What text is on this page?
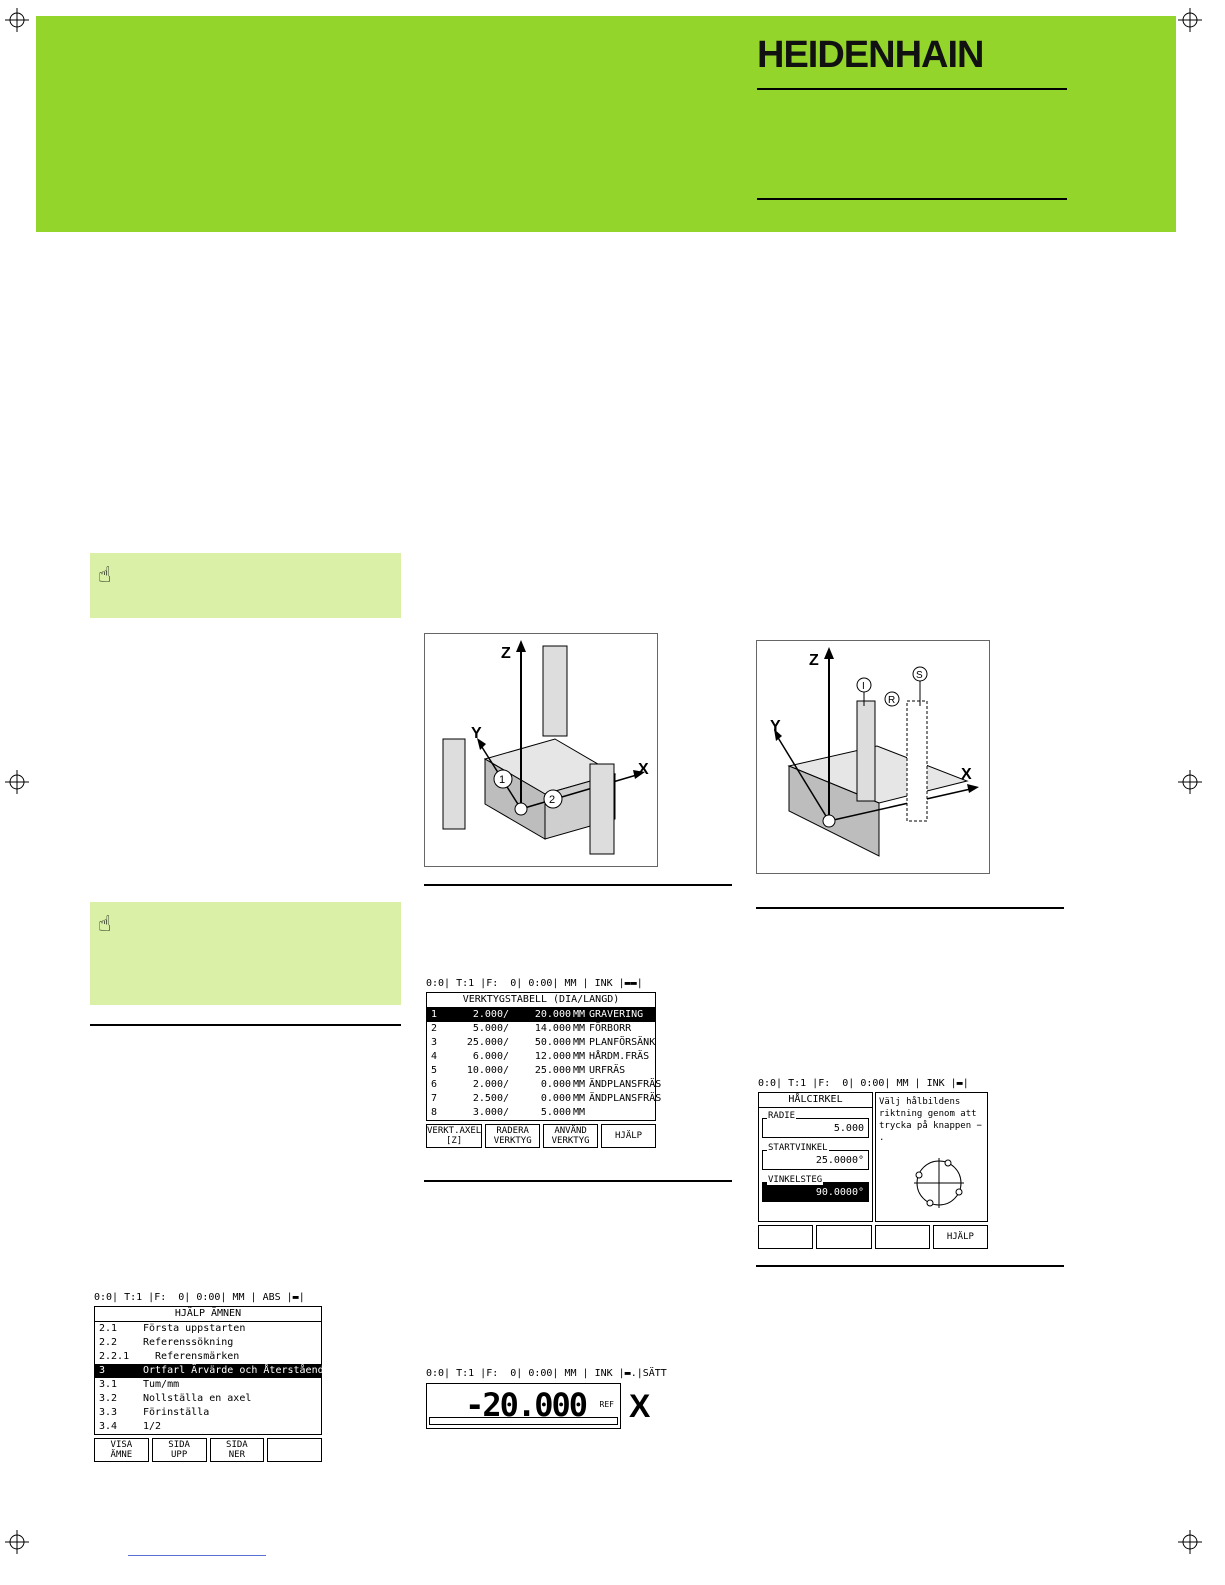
HEIDENHAIN
☝
☝
Z
Y
X
1
2
Z
Y
X
I
R
S
0:0| T:1 |F:  0| 0:00| MM | INK |▬▬|
VERKTYGSTABELL (DIA/LANGD)
1	2.000/	20.000 MM GRAVERING
2	5.000/	14.000 MM FÖRBORR
3	25.000/	50.000 MM PLANFÖRSÄNK
4	6.000/	12.000 MM HÅRDM.FRÄS
5	10.000/	25.000 MM URFRÄS
6	2.000/	0.000 MM ÄNDPLANSFRÄS
7	2.500/	0.000 MM ÄNDPLANSFRÄS
8	3.000/	5.000 MM
VERKT.AXEL
[Z]
RADERA
VERKTYG
ANVÄND
VERKTYG	HJÄLP
0:0| T:1 |F:  0| 0:00| MM | INK |▬|
HÅLCIRKEL
RADIE
5.000
STARTVINKEL
25.0000°
VINKELSTEG
90.0000°
Välj hålbildens riktning genom att trycka på knappen − .
HJÄLP
0:0| T:1 |F:  0| 0:00| MM | ABS |▬|
HJÄLP ÄMNEN
2.1	Första uppstarten
2.2	Referenssökning
2.2.1 Referensmärken
3	Ortfarl Ärvärde och Återstående väg
3.1	Tum/mm
3.2	Nollställa en axel
3.3	Förinställa
3.4	1/2
VISA
ÄMNE
SIDA
UPP
SIDA
NER
0:0| T:1 |F:  0| 0:00| MM | INK |▬.| SÄTT
-20.000 REF X
